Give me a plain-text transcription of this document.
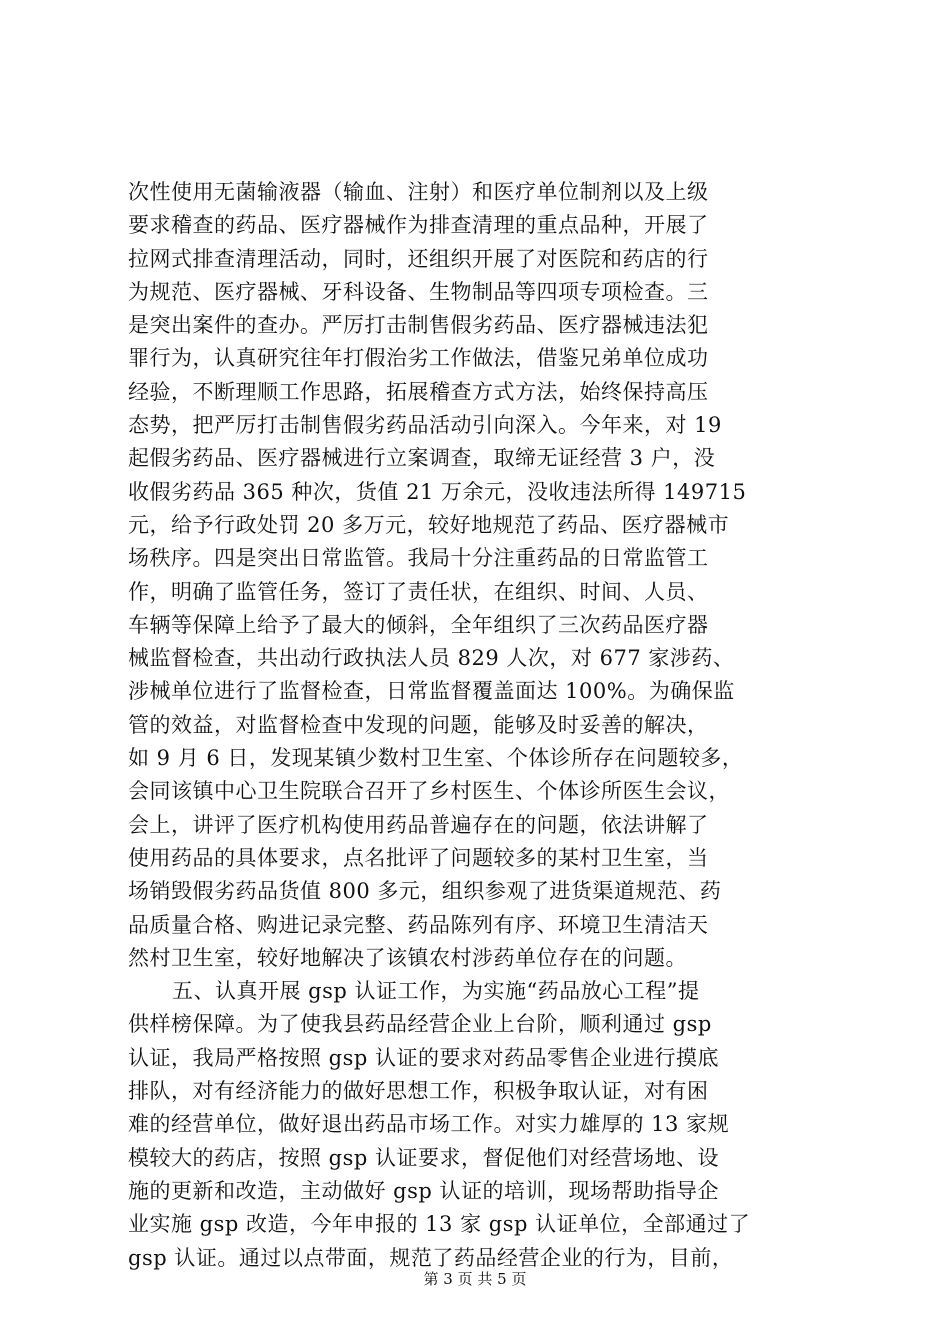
次性使用无菌输液器（输血、注射）和医疗单位制剂以及上级
要求稽查的药品、医疗器械作为排查清理的重点品种，开展了
拉网式排查清理活动，同时，还组织开展了对医院和药店的行
为规范、医疗器械、牙科设备、生物制品等四项专项检查。三
是突出案件的查办。严厉打击制售假劣药品、医疗器械违法犯
罪行为，认真研究往年打假治劣工作做法，借鉴兄弟单位成功
经验，不断理顺工作思路，拓展稽查方式方法，始终保持高压
态势，把严厉打击制售假劣药品活动引向深入。今年来，对 19
起假劣药品、医疗器械进行立案调查，取缔无证经营 3 户，没
收假劣药品 365 种次，货值 21 万余元，没收违法所得 149715
元，给予行政处罚 20 多万元，较好地规范了药品、医疗器械市
场秩序。四是突出日常监管。我局十分注重药品的日常监管工
作，明确了监管任务，签订了责任状，在组织、时间、人员、
车辆等保障上给予了最大的倾斜，全年组织了三次药品医疗器
械监督检查，共出动行政执法人员 829 人次，对 677 家涉药、
涉械单位进行了监督检查，日常监督覆盖面达 100%。为确保监
管的效益，对监督检查中发现的问题，能够及时妥善的解决，
如 9 月 6 日，发现某镇少数村卫生室、个体诊所存在问题较多，
会同该镇中心卫生院联合召开了乡村医生、个体诊所医生会议，
会上，讲评了医疗机构使用药品普遍存在的问题，依法讲解了
使用药品的具体要求，点名批评了问题较多的某村卫生室，当
场销毁假劣药品货值 800 多元，组织参观了进货渠道规范、药
品质量合格、购进记录完整、药品陈列有序、环境卫生清洁天
然村卫生室，较好地解决了该镇农村涉药单位存在的问题。
五、认真开展 gsp 认证工作，为实施“药品放心工程”提
供样榜保障。为了使我县药品经营企业上台阶，顺利通过 gsp
认证，我局严格按照 gsp 认证的要求对药品零售企业进行摸底
排队，对有经济能力的做好思想工作，积极争取认证，对有困
难的经营单位，做好退出药品市场工作。对实力雄厚的 13 家规
模较大的药店，按照 gsp 认证要求，督促他们对经营场地、设
施的更新和改造，主动做好 gsp 认证的培训，现场帮助指导企
业实施 gsp 改造，今年申报的 13 家 gsp 认证单位，全部通过了
gsp 认证。通过以点带面，规范了药品经营企业的行为，目前，
第 3 页 共 5 页
